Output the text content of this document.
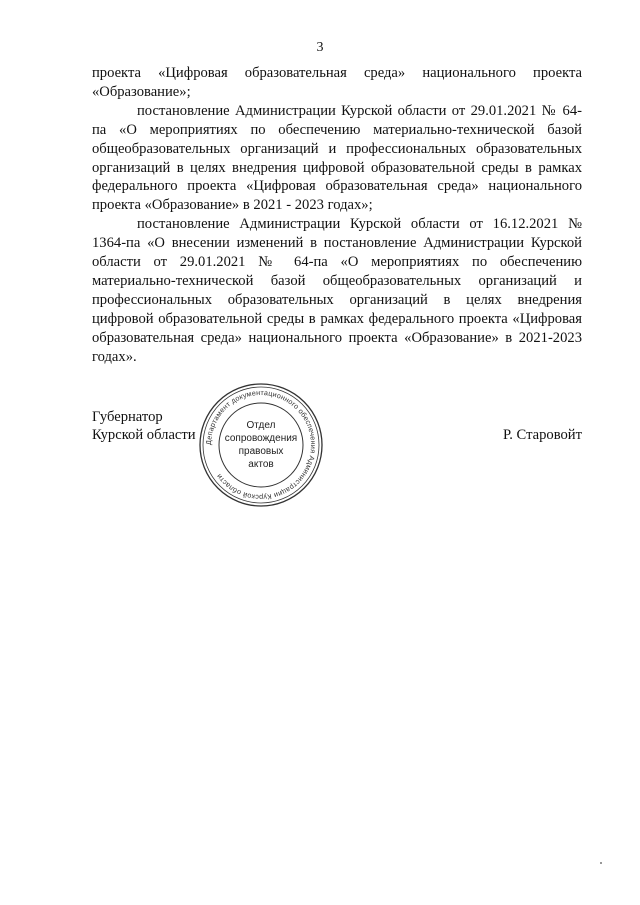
3

проекта «Цифровая образовательная среда» национального проекта «Образование»;

постановление Администрации Курской области от 29.01.2021 № 64-па «О мероприятиях по обеспечению материально-технической базой общеобразовательных организаций и профессиональных образовательных организаций в целях внедрения цифровой образовательной среды в рамках федерального проекта «Цифровая образовательная среда» национального проекта «Образование» в 2021 - 2023 годах»;

постановление Администрации Курской области от 16.12.2021 № 1364-па «О внесении изменений в постановление Администрации Курской области от 29.01.2021 № 64-па «О мероприятиях по обеспечению материально-технической базой общеобразовательных организаций и профессиональных образовательных организаций в целях внедрения цифровой образовательной среды в рамках федерального проекта «Цифровая образовательная среда» национального проекта «Образование» в 2021-2023 годах».

Губернатор
Курской области	Р. Старовойт
Департамент документационного обеспечения Администрации Курской области
Отдел
сопровождения
правовых
актов
